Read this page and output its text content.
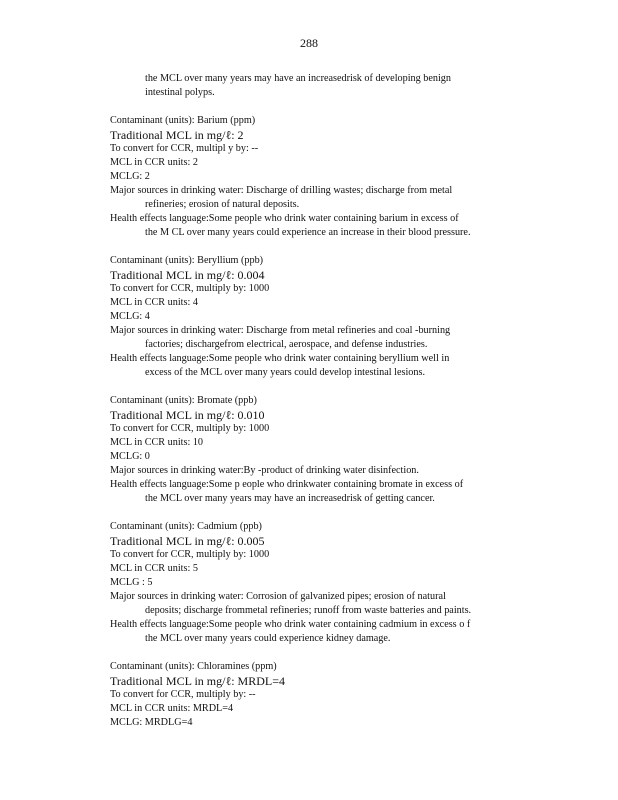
288

the MCL over many years may have an increasedrisk of developing benign

intestinal polyps.

Contaminant (units): Barium (ppm)

Traditional MCL in mg/ℓ: 2

To convert for CCR, multipl y by: --

MCL in CCR units: 2

MCLG: 2

Major sources in drinking water: Discharge of drilling wastes; discharge from metal

refineries; erosion of natural deposits.

Health effects language:Some people who drink water containing barium in excess of

the M CL over many years could experience an increase in their blood pressure.

Contaminant (units): Beryllium (ppb)

Traditional MCL in mg/ℓ: 0.004

To convert for CCR, multiply by: 1000

MCL in CCR units: 4

MCLG: 4

Major sources in drinking water: Discharge from metal refineries and coal -burning

factories; dischargefrom electrical, aerospace, and defense industries.

Health effects language:Some people who drink water containing beryllium well in

excess of the MCL over many years could develop intestinal lesions.

Contaminant (units): Bromate (ppb)

Traditional MCL in mg/ℓ: 0.010

To convert for CCR, multiply by: 1000

MCL in CCR units: 10

MCLG: 0

Major sources in drinking water:By -product of drinking water disinfection.

Health effects language:Some p eople who drinkwater containing bromate in excess of

the MCL over many years may have an increasedrisk of getting cancer.

Contaminant (units): Cadmium (ppb)

Traditional MCL in mg/ℓ: 0.005

To convert for CCR, multiply by: 1000

MCL in CCR units: 5

MCLG : 5

Major sources in drinking water: Corrosion of galvanized pipes; erosion of natural

deposits; discharge frommetal refineries; runoff from waste batteries and paints.

Health effects language:Some people who drink water containing cadmium in excess o f

the MCL over many years could experience kidney damage.

Contaminant (units): Chloramines (ppm)

Traditional MCL in mg/ℓ: MRDL=4

To convert for CCR, multiply by: --

MCL in CCR units: MRDL=4

MCLG: MRDLG=4
